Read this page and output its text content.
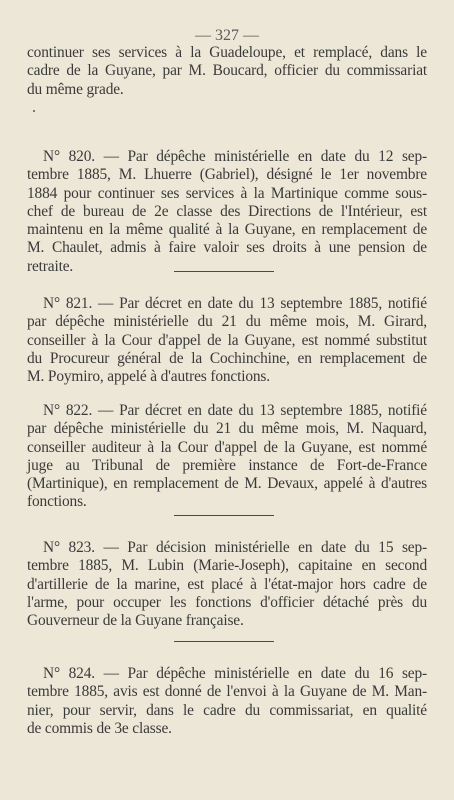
— 327 —
continuer ses services à la Guadeloupe, et remplacé, dans le
cadre de la Guyane, par M. Boucard, officier du commissariat
du même grade.
N° 820. — Par dépêche ministérielle en date du 12 sep-
tembre 1885, M. Lhuerre (Gabriel), désigné le 1er novembre
1884 pour continuer ses services à la Martinique comme sous-
chef de bureau de 2e classe des Directions de l'Intérieur, est
maintenu en la même qualité à la Guyane, en remplacement de
M. Chaulet, admis à faire valoir ses droits à une pension de
retraite.
N° 821. — Par décret en date du 13 septembre 1885, notifié
par dépêche ministérielle du 21 du même mois, M. Girard,
conseiller à la Cour d'appel de la Guyane, est nommé substitut
du Procureur général de la Cochinchine, en remplacement de
M. Poymiro, appelé à d'autres fonctions.
N° 822. — Par décret en date du 13 septembre 1885, notifié
par dépêche ministérielle du 21 du même mois, M. Naquard,
conseiller auditeur à la Cour d'appel de la Guyane, est nommé
juge au Tribunal de première instance de Fort-de-France
(Martinique), en remplacement de M. Devaux, appelé à d'autres
fonctions.
N° 823. — Par décision ministérielle en date du 15 sep-
tembre 1885, M. Lubin (Marie-Joseph), capitaine en second
d'artillerie de la marine, est placé à l'état-major hors cadre de
l'arme, pour occuper les fonctions d'officier détaché près du
Gouverneur de la Guyane française.
N° 824. — Par dépêche ministérielle en date du 16 sep-
tembre 1885, avis est donné de l'envoi à la Guyane de M. Man-
nier, pour servir, dans le cadre du commissariat, en qualité
de commis de 3e classe.
